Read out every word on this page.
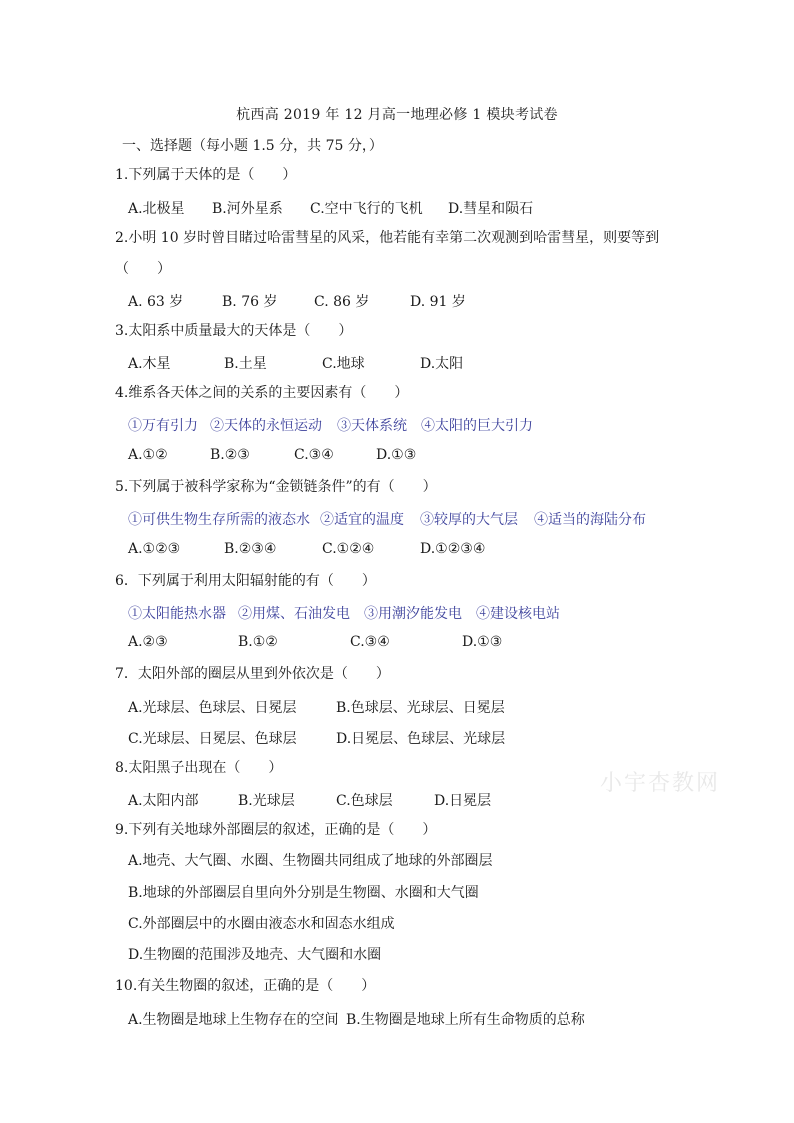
杭西高 2019 年 12 月高一地理必修 1 模块考试卷
一、选择题（每小题 1.5 分，共 75 分，）
1.下列属于天体的是（　　）
A.北极星 B.河外星系 C.空中飞行的飞机 D.彗星和陨石
2.小明 10 岁时曾目睹过哈雷彗星的风采，他若能有幸第二次观测到哈雷彗星，则要等到
（　　）
A. 63 岁	B. 76 岁	C. 86 岁	D. 91 岁
3.太阳系中质量最大的天体是（　　）
A.木星	B.土星	C.地球	D.太阳
4.维系各天体之间的关系的主要因素有（　　）
①万有引力 ②天体的永恒运动 ③天体系统 ④太阳的巨大引力
A.①②	B.②③	C.③④	D.①③
5.下列属于被科学家称为“金锁链条件”的有（　　）
①可供生物生存所需的液态水 ②适宜的温度 ③较厚的大气层 ④适当的海陆分布
A.①②③	B.②③④	C.①②④	D.①②③④
6．下列属于利用太阳辐射能的有（　　）
①太阳能热水器 ②用煤、石油发电 ③用潮汐能发电 ④建设核电站
A.②③	B.①②	C.③④	D.①③
7．太阳外部的圈层从里到外依次是（　　）
A.光球层、色球层、日冕层	B.色球层、光球层、日冕层
C.光球层、日冕层、色球层	D.日冕层、色球层、光球层
8.太阳黑子出现在（　　）
A.太阳内部	B.光球层	C.色球层	D.日冕层
9.下列有关地球外部圈层的叙述，正确的是（　　）
A.地壳、大气圈、水圈、生物圈共同组成了地球的外部圈层
B.地球的外部圈层自里向外分别是生物圈、水圈和大气圈
C.外部圈层中的水圈由液态水和固态水组成
D.生物圈的范围涉及地壳、大气圈和水圈
10.有关生物圈的叙述，正确的是（　　）
A.生物圈是地球上生物存在的空间 B.生物圈是地球上所有生命物质的总称
小宇杏教网
